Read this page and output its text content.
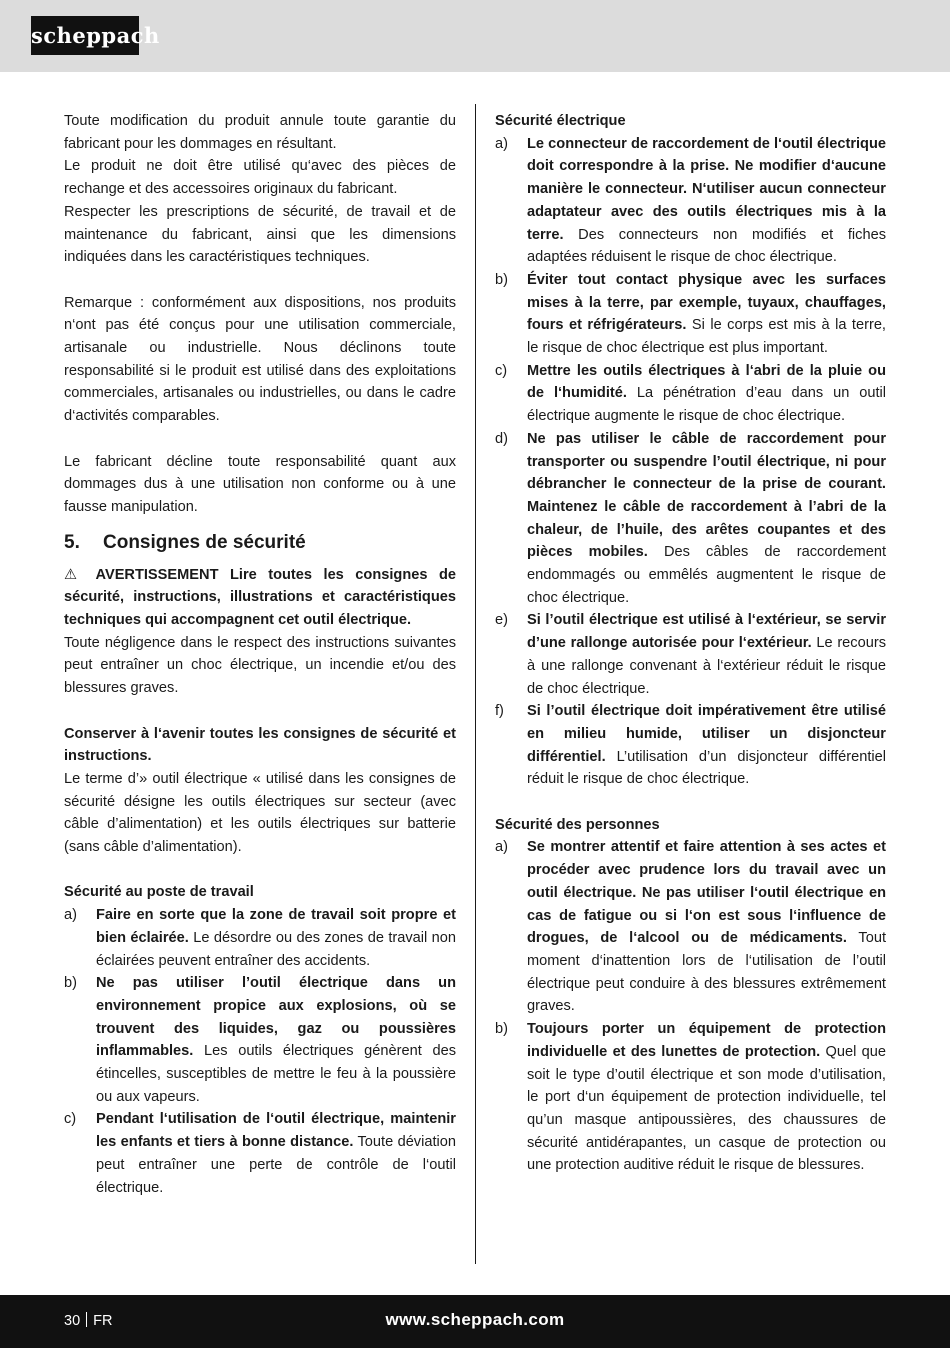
scheppach

Toute modification du produit annule toute garantie du fabricant pour les dommages en résultant.

Le produit ne doit être utilisé qu‘avec des pièces de rechange et des accessoires originaux du fabricant.

Respecter les prescriptions de sécurité, de travail et de maintenance du fabricant, ainsi que les dimensions indiquées dans les caractéristiques techniques.

Remarque : conformément aux dispositions, nos produits n‘ont pas été conçus pour une utilisation commerciale, artisanale ou industrielle. Nous déclinons toute responsabilité si le produit est utilisé dans des exploitations commerciales, artisanales ou industrielles, ou dans le cadre d‘activités comparables.

Le fabricant décline toute responsabilité quant aux dommages dus à une utilisation non conforme ou à une fausse manipulation.

5. Consignes de sécurité

⚠ AVERTISSEMENT Lire toutes les consignes de sécurité, instructions, illustrations et caractéristiques techniques qui accompagnent cet outil électrique.

Toute négligence dans le respect des instructions suivantes peut entraîner un choc électrique, un incendie et/ou des blessures graves.

Conserver à l‘avenir toutes les consignes de sécurité et instructions.

Le terme d’» outil électrique « utilisé dans les consignes de sécurité désigne les outils électriques sur secteur (avec câble d’alimentation) et les outils électriques sur batterie (sans câble d’alimentation).

Sécurité au poste de travail

a)	Faire en sorte que la zone de travail soit propre et bien éclairée. Le désordre ou des zones de travail non éclairées peuvent entraîner des accidents.
b)	Ne pas utiliser l’outil électrique dans un environnement propice aux explosions, où se trouvent des liquides, gaz ou poussières inflammables. Les outils électriques génèrent des étincelles, susceptibles de mettre le feu à la poussière ou aux vapeurs.
c)	Pendant l‘utilisation de l‘outil électrique, maintenir les enfants et tiers à bonne distance. Toute déviation peut entraîner une perte de contrôle de l‘outil électrique.

Sécurité électrique

a)	Le connecteur de raccordement de l‘outil électrique doit correspondre à la prise. Ne modifier d‘aucune manière le connecteur. N‘utiliser aucun connecteur adaptateur avec des outils électriques mis à la terre. Des connecteurs non modifiés et fiches adaptées réduisent le risque de choc électrique.
b)	Éviter tout contact physique avec les surfaces mises à la terre, par exemple, tuyaux, chauffages, fours et réfrigérateurs. Si le corps est mis à la terre, le risque de choc électrique est plus important.
c)	Mettre les outils électriques à l‘abri de la pluie ou de l‘humidité. La pénétration d’eau dans un outil électrique augmente le risque de choc électrique.
d)	Ne pas utiliser le câble de raccordement pour transporter ou suspendre l’outil électrique, ni pour débrancher le connecteur de la prise de courant. Maintenez le câble de raccordement à l’abri de la chaleur, de l’huile, des arêtes coupantes et des pièces mobiles. Des câbles de raccordement endommagés ou emmêlés augmentent le risque de choc électrique.
e)	Si l’outil électrique est utilisé à l‘extérieur, se servir d’une rallonge autorisée pour l‘extérieur. Le recours à une rallonge convenant à l‘extérieur réduit le risque de choc électrique.
f)	Si l’outil électrique doit impérativement être utilisé en milieu humide, utiliser un disjoncteur différentiel. L’utilisation d’un disjoncteur différentiel réduit le risque de choc électrique.

Sécurité des personnes

a)	Se montrer attentif et faire attention à ses actes et procéder avec prudence lors du travail avec un outil électrique. Ne pas utiliser l‘outil électrique en cas de fatigue ou si l‘on est sous l‘influence de drogues, de l‘alcool ou de médicaments. Tout moment d‘inattention lors de l‘utilisation de l’outil électrique peut conduire à des blessures extrêmement graves.
b)	Toujours porter un équipement de protection individuelle et des lunettes de protection. Quel que soit le type d’outil électrique et son mode d’utilisation, le port d‘un équipement de protection individuelle, tel qu’un masque antipoussières, des chaussures de sécurité antidérapantes, un casque de protection ou une protection auditive réduit le risque de blessures.
30 FR	www.scheppach.com
